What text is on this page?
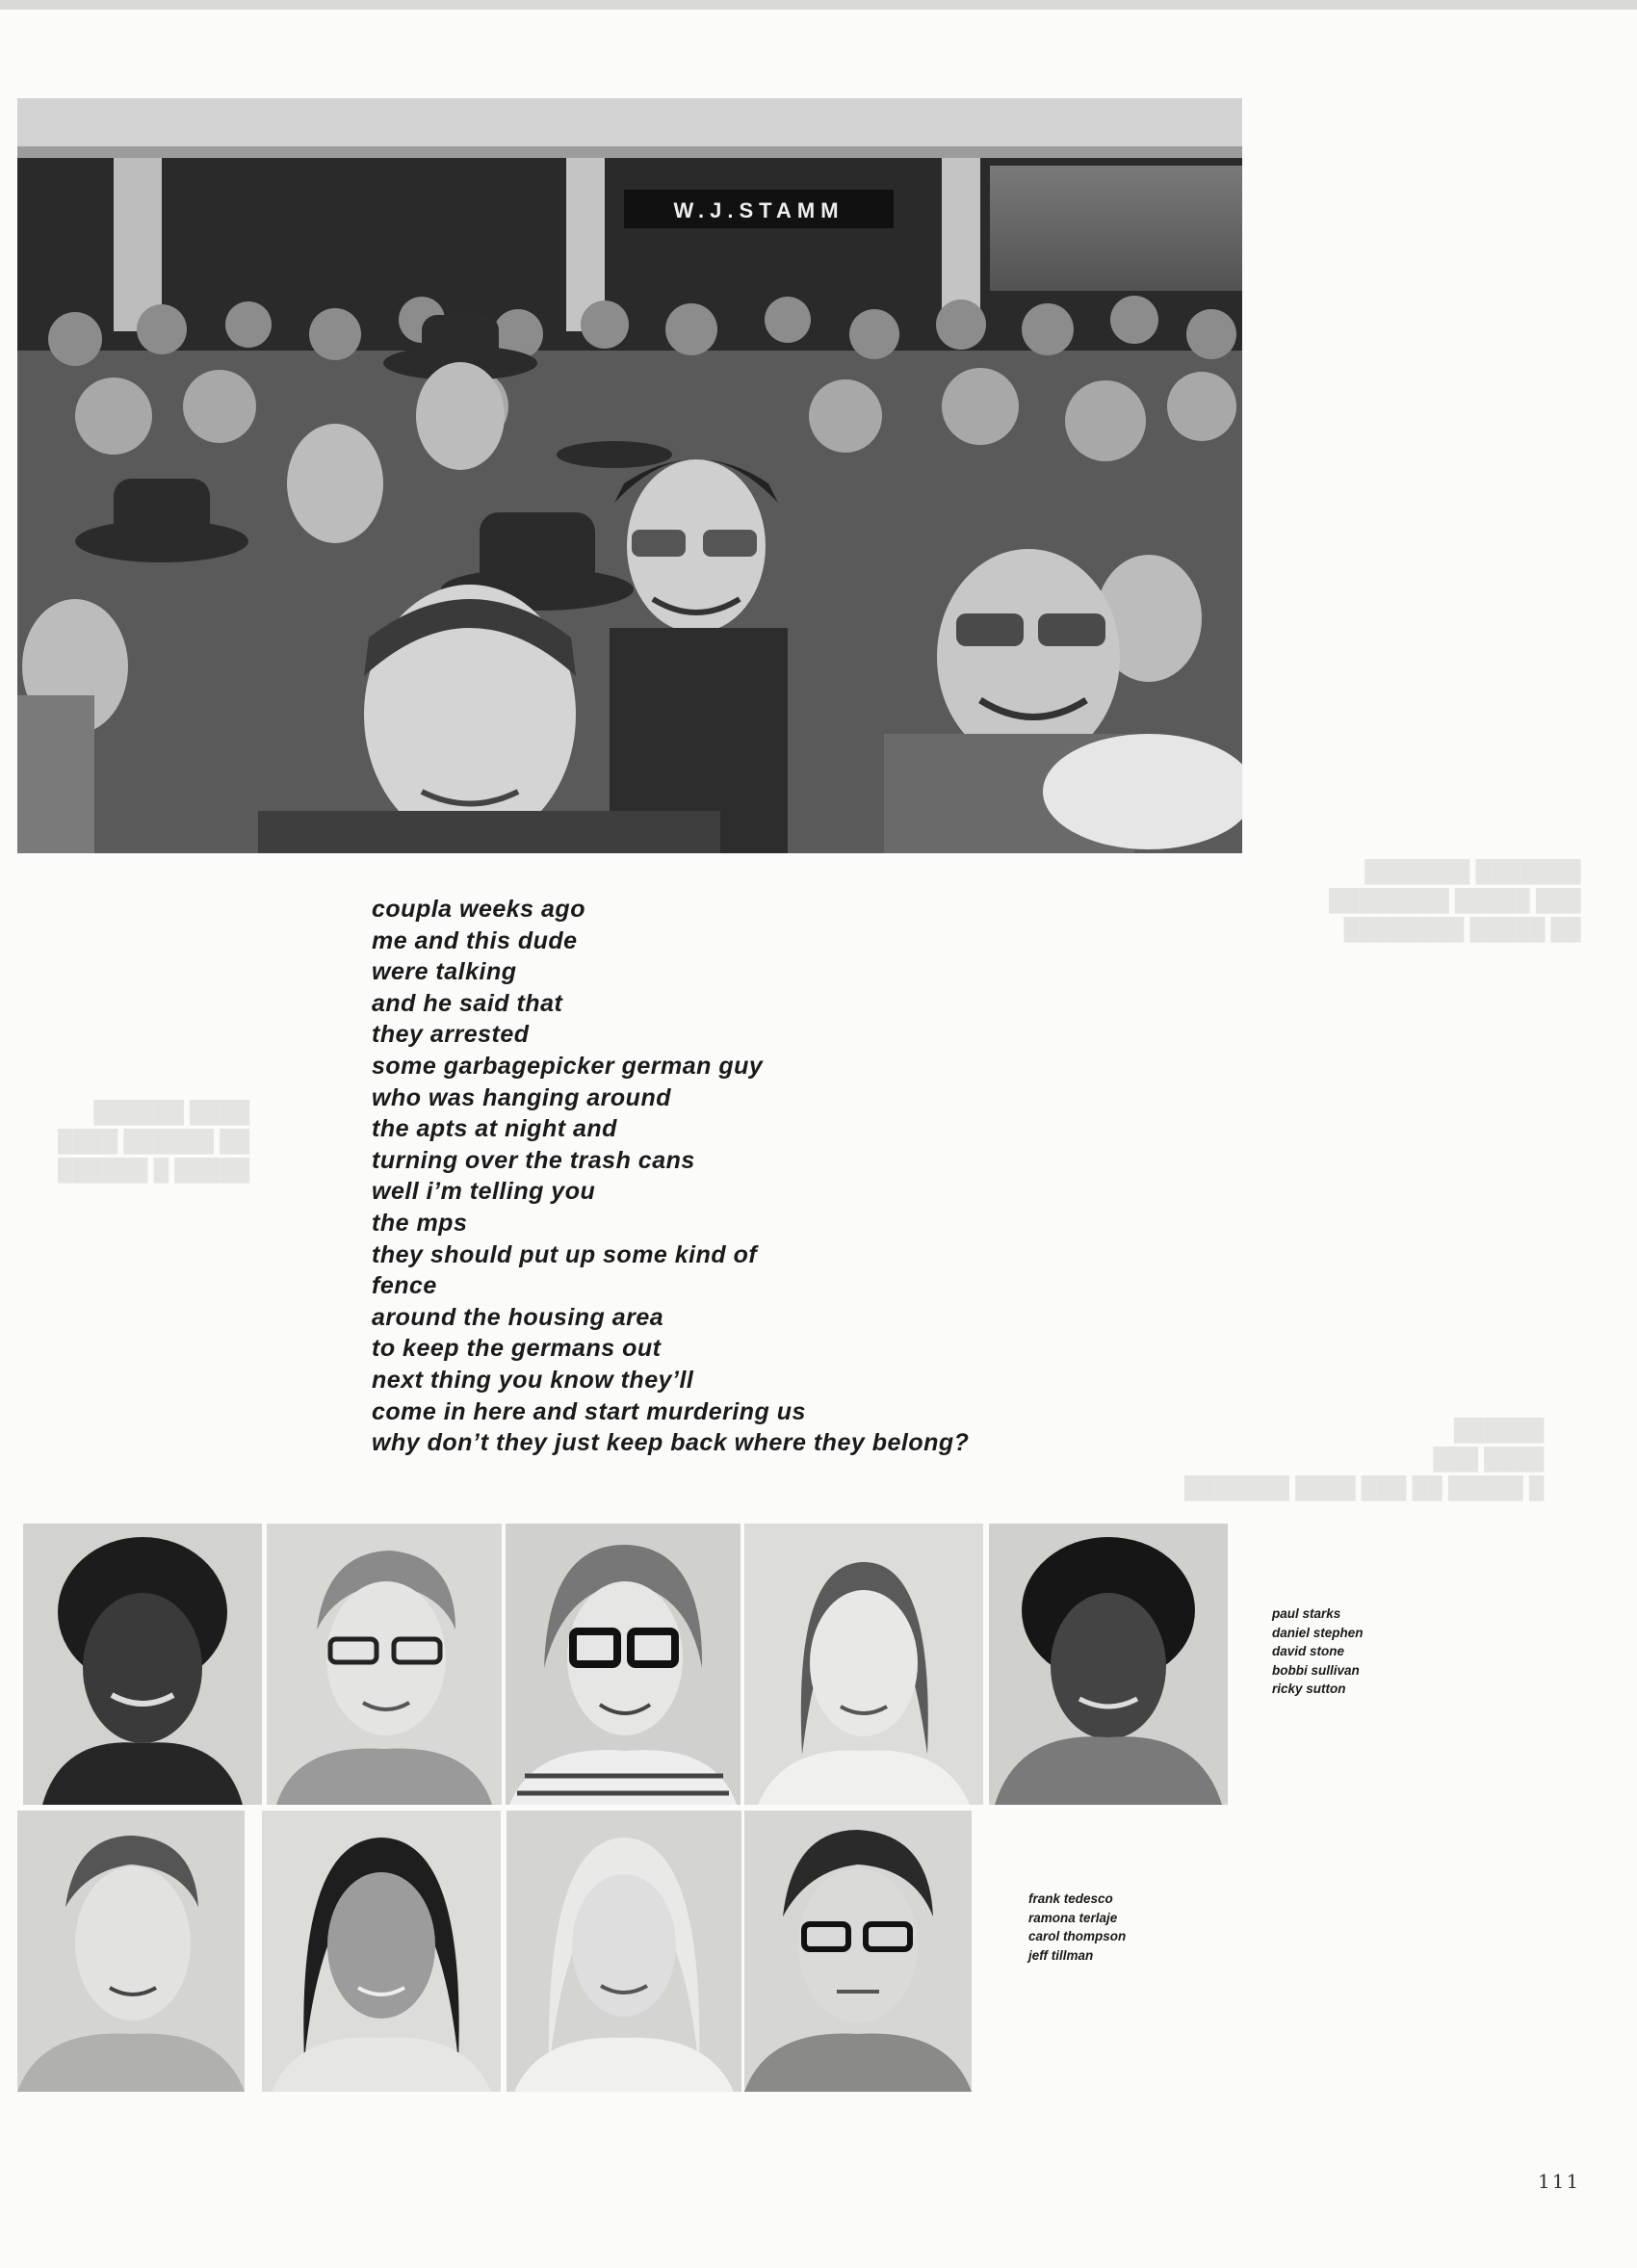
███████ ███████
███ █████ ████████
██ █████ ████████
████ ██████
██ ██████ ████
█████ █ ██████
██████
████ ███
█ █████ ██ ███ ████ ███████
W.J.STAMM
coupla weeks ago
me and this dude
were talking
and he said that
they arrested
some garbagepicker german guy
who was hanging around
the apts at night and
turning over the trash cans
well i’m telling you
the mps
they should put up some kind of
fence
around the housing area
to keep the germans out
next thing you know they’ll
come in here and start murdering us
why don’t they just keep back where they belong?
paul starks
daniel stephen
david stone
bobbi sullivan
ricky sutton
frank tedesco
ramona terlaje
carol thompson
jeff tillman
111
